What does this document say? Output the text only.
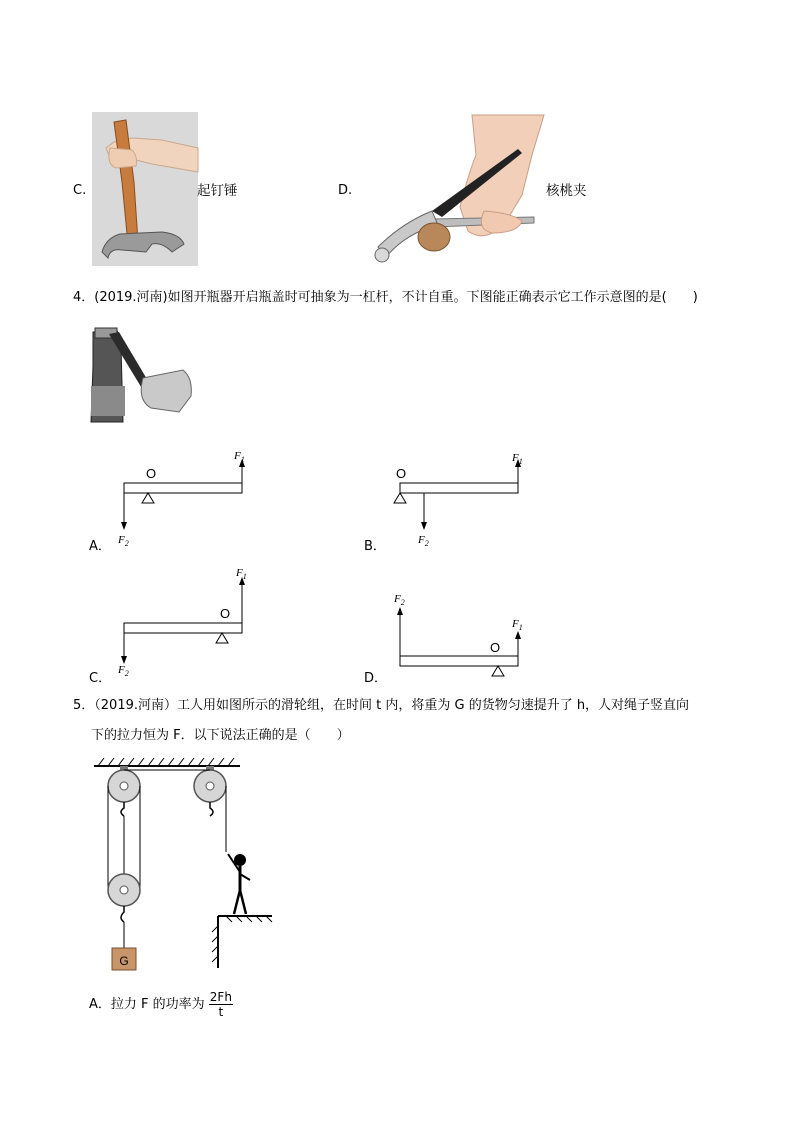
C.	起钉锤	D.	核桃夹
4．(2019.河南)如图开瓶器开启瓶盖时可抽象为一杠杆，不计自重。下图能正确表示它工作示意图的是(　　)
$F_1$
O
$F_2$
A．
$F_1$
O
$F_2$
B．
$F_1$
O
$F_2$
C．
$F_2$
$F_1$
O
D．
5．（2019.河南）工人用如图所示的滑轮组，在时间 t 内，将重为 G 的货物匀速提升了 h，人对绳子竖直向
下的拉力恒为 F．以下说法正确的是（　　）
G
A．拉力 F 的功率为 $\frac{2Fh}{t}$
